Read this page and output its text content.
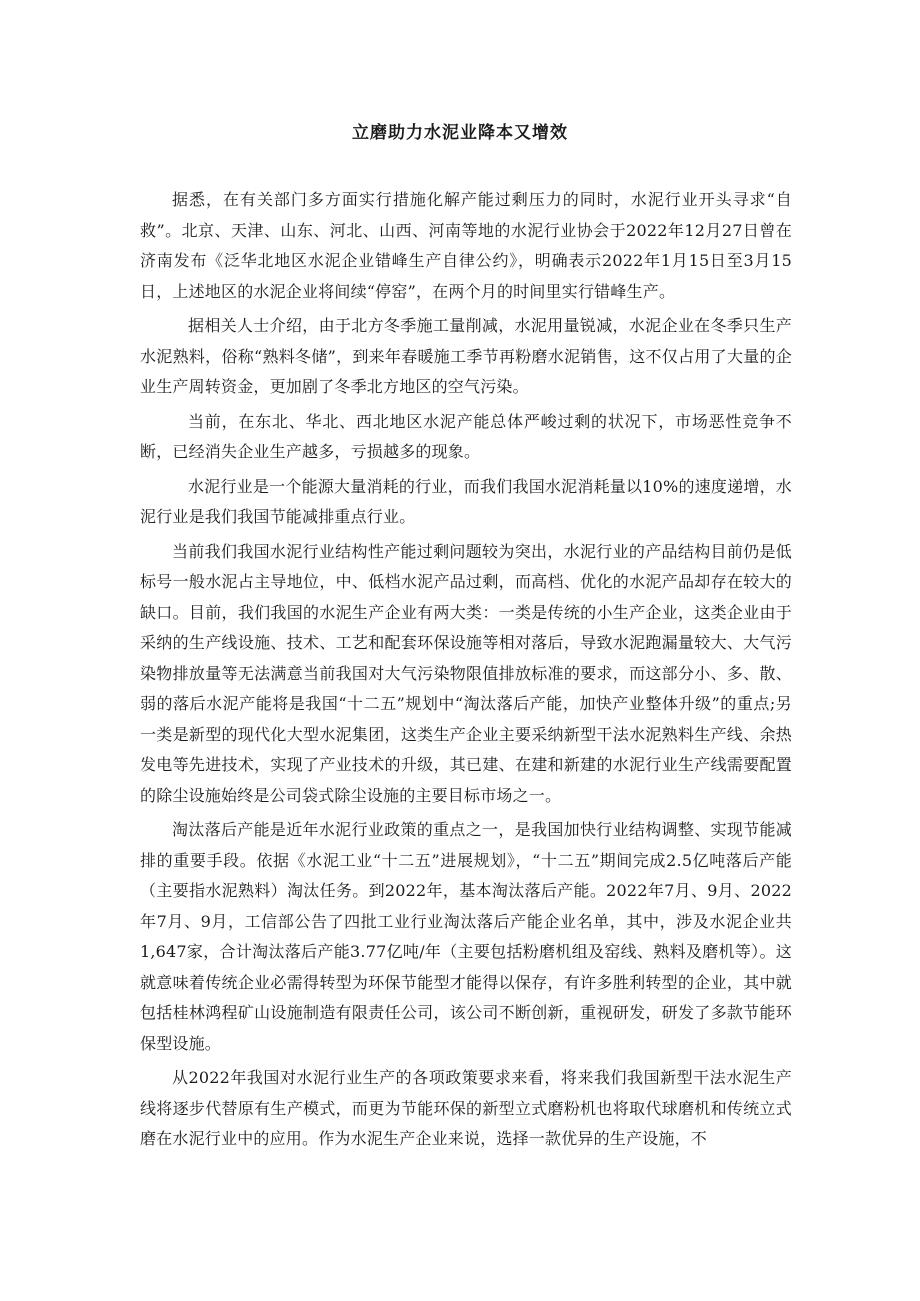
立磨助力水泥业降本又增效

据悉，在有关部门多方面实行措施化解产能过剩压力的同时，水泥行业开头寻求“自救”。北京、天津、山东、河北、山西、河南等地的水泥行业协会于2022年12月27日曾在济南发布《泛华北地区水泥企业错峰生产自律公约》，明确表示2022年1月15日至3月15日，上述地区的水泥企业将间续“停窑”，在两个月的时间里实行错峰生产。

据相关人士介绍，由于北方冬季施工量削减，水泥用量锐减，水泥企业在冬季只生产水泥熟料，俗称“熟料冬储”，到来年春暖施工季节再粉磨水泥销售，这不仅占用了大量的企业生产周转资金，更加剧了冬季北方地区的空气污染。

当前，在东北、华北、西北地区水泥产能总体严峻过剩的状况下，市场恶性竞争不断，已经消失企业生产越多，亏损越多的现象。

水泥行业是一个能源大量消耗的行业，而我们我国水泥消耗量以10%的速度递增，水泥行业是我们我国节能减排重点行业。

当前我们我国水泥行业结构性产能过剩问题较为突出，水泥行业的产品结构目前仍是低标号一般水泥占主导地位，中、低档水泥产品过剩，而高档、优化的水泥产品却存在较大的缺口。目前，我们我国的水泥生产企业有两大类：一类是传统的小生产企业，这类企业由于采纳的生产线设施、技术、工艺和配套环保设施等相对落后，导致水泥跑漏量较大、大气污染物排放量等无法满意当前我国对大气污染物限值排放标准的要求，而这部分小、多、散、弱的落后水泥产能将是我国“十二五”规划中“淘汰落后产能，加快产业整体升级”的重点;另一类是新型的现代化大型水泥集团，这类生产企业主要采纳新型干法水泥熟料生产线、余热发电等先进技术，实现了产业技术的升级，其已建、在建和新建的水泥行业生产线需要配置的除尘设施始终是公司袋式除尘设施的主要目标市场之一。

淘汰落后产能是近年水泥行业政策的重点之一，是我国加快行业结构调整、实现节能减排的重要手段。依据《水泥工业“十二五”进展规划》，“十二五”期间完成2.5亿吨落后产能（主要指水泥熟料）淘汰任务。到2022年，基本淘汰落后产能。2022年7月、9月、2022年7月、9月，工信部公告了四批工业行业淘汰落后产能企业名单，其中，涉及水泥企业共1,647家，合计淘汰落后产能3.77亿吨/年（主要包括粉磨机组及窑线、熟料及磨机等）。这就意味着传统企业必需得转型为环保节能型才能得以保存，有许多胜利转型的企业，其中就包括桂林鸿程矿山设施制造有限责任公司，该公司不断创新，重视研发，研发了多款节能环保型设施。

从2022年我国对水泥行业生产的各项政策要求来看，将来我们我国新型干法水泥生产线将逐步代替原有生产模式，而更为节能环保的新型立式磨粉机也将取代球磨机和传统立式磨在水泥行业中的应用。作为水泥生产企业来说，选择一款优异的生产设施，不
